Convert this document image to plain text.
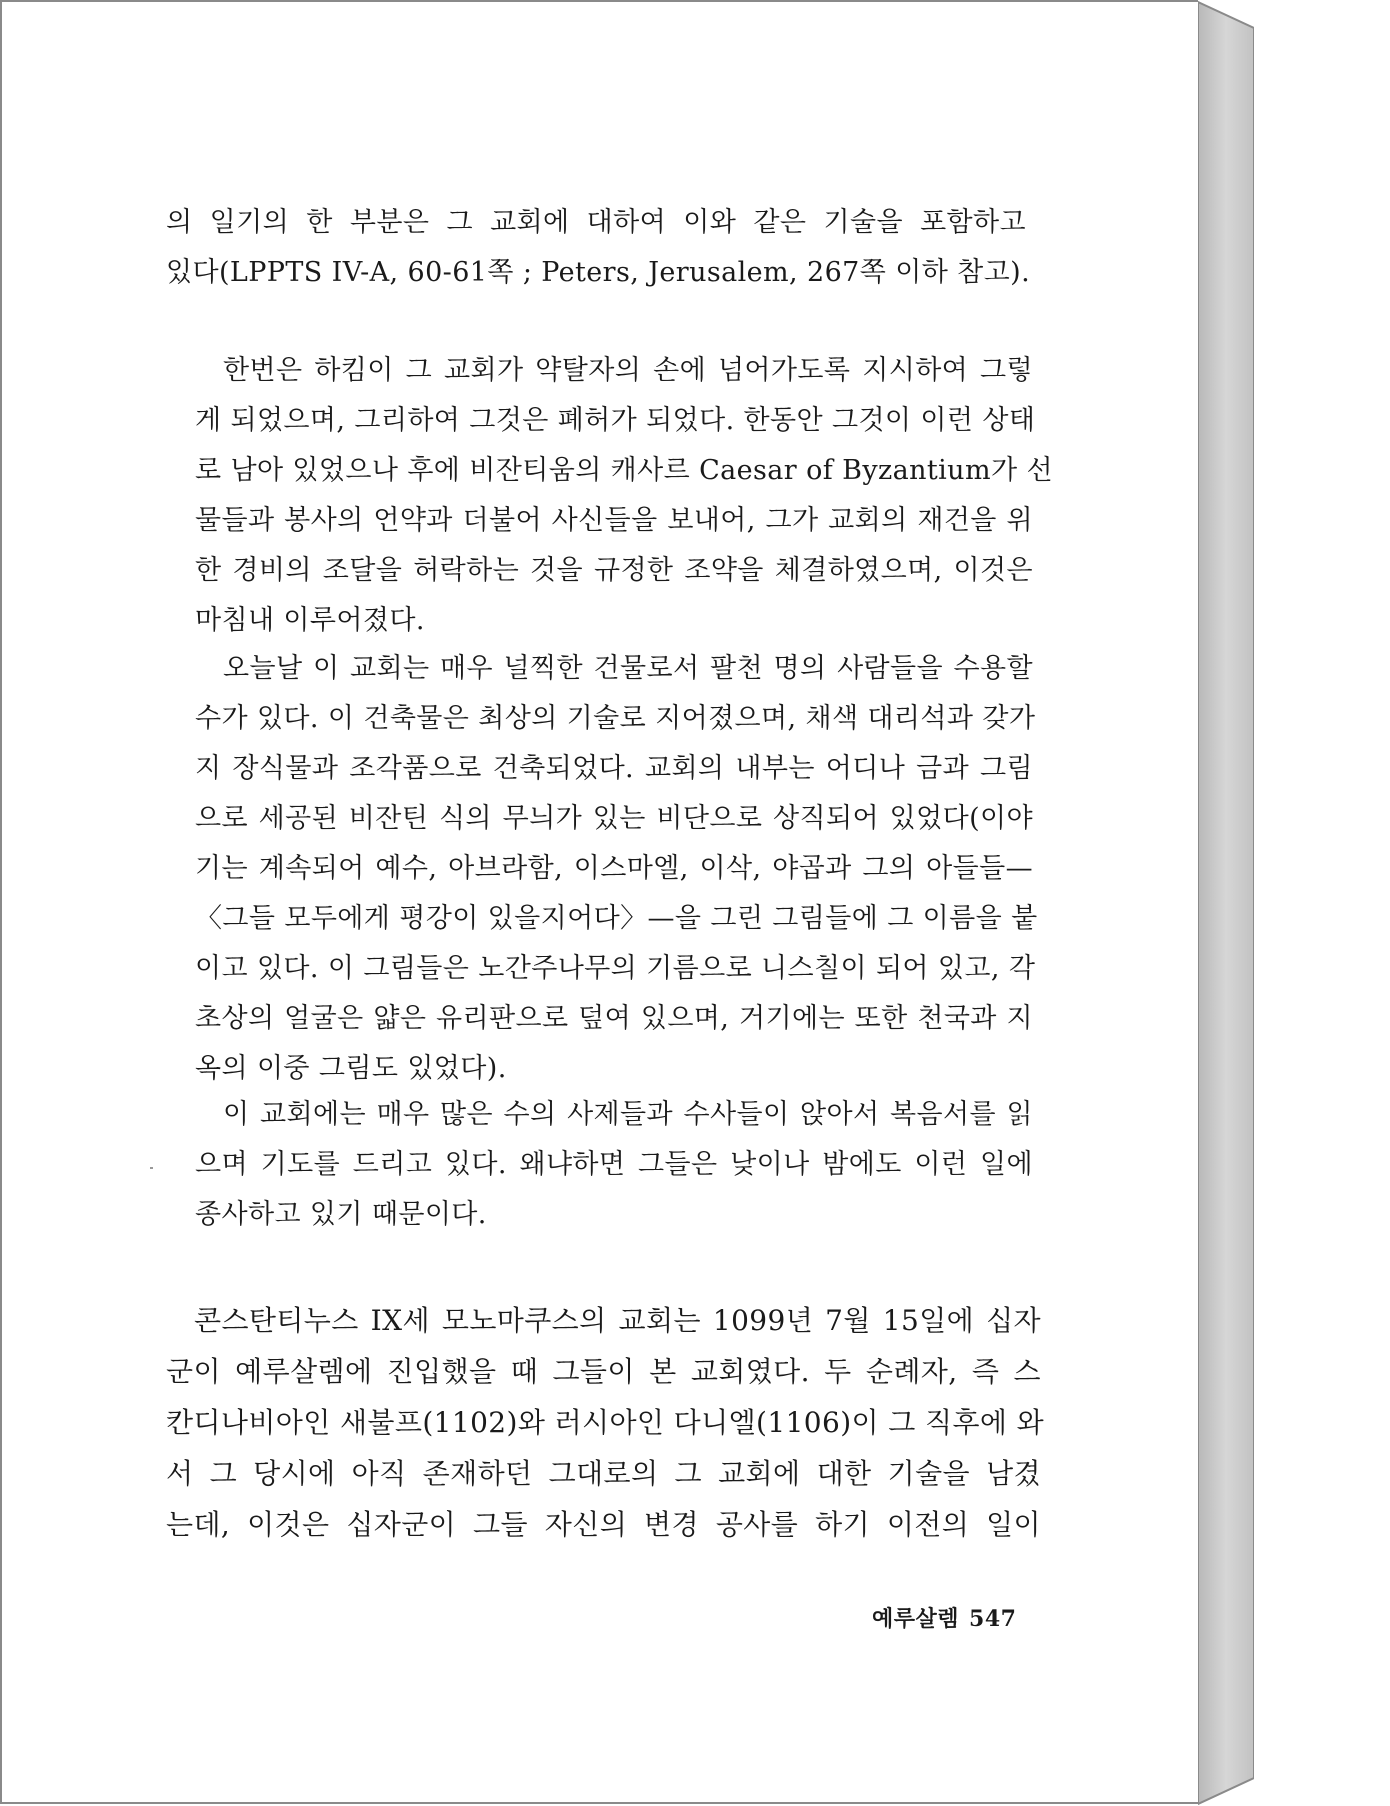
의 일기의 한 부분은 그 교회에 대하여 이와 같은 기술을 포함하고
있다(LPPTS IV-A, 60-61쪽 ; Peters, Jerusalem, 267쪽 이하 참고).

한번은 하킴이 그 교회가 약탈자의 손에 넘어가도록 지시하여 그렇
게 되었으며, 그리하여 그것은 폐허가 되었다. 한동안 그것이 이런 상태
로 남아 있었으나 후에 비잔티움의 캐사르 Caesar of Byzantium가 선
물들과 봉사의 언약과 더불어 사신들을 보내어, 그가 교회의 재건을 위
한 경비의 조달을 허락하는 것을 규정한 조약을 체결하였으며, 이것은
마침내 이루어졌다.

오늘날 이 교회는 매우 널찍한 건물로서 팔천 명의 사람들을 수용할
수가 있다. 이 건축물은 최상의 기술로 지어졌으며, 채색 대리석과 갖가
지 장식물과 조각품으로 건축되었다. 교회의 내부는 어디나 금과 그림
으로 세공된 비잔틴 식의 무늬가 있는 비단으로 상직되어 있었다(이야
기는 계속되어 예수, 아브라함, 이스마엘, 이삭, 야곱과 그의 아들들—
〈그들 모두에게 평강이 있을지어다〉—을 그린 그림들에 그 이름을 붙
이고 있다. 이 그림들은 노간주나무의 기름으로 니스칠이 되어 있고, 각
초상의 얼굴은 얇은 유리판으로 덮여 있으며, 거기에는 또한 천국과 지
옥의 이중 그림도 있었다).

이 교회에는 매우 많은 수의 사제들과 수사들이 앉아서 복음서를 읽
으며 기도를 드리고 있다. 왜냐하면 그들은 낮이나 밤에도 이런 일에
종사하고 있기 때문이다.

콘스탄티누스 IX세 모노마쿠스의 교회는 1099년 7월 15일에 십자
군이 예루살렘에 진입했을 때 그들이 본 교회였다. 두 순례자, 즉 스
칸디나비아인 새불프(1102)와 러시아인 다니엘(1106)이 그 직후에 와
서 그 당시에 아직 존재하던 그대로의 그 교회에 대한 기술을 남겼
는데, 이것은 십자군이 그들 자신의 변경 공사를 하기 이전의 일이

예루살렘 547
